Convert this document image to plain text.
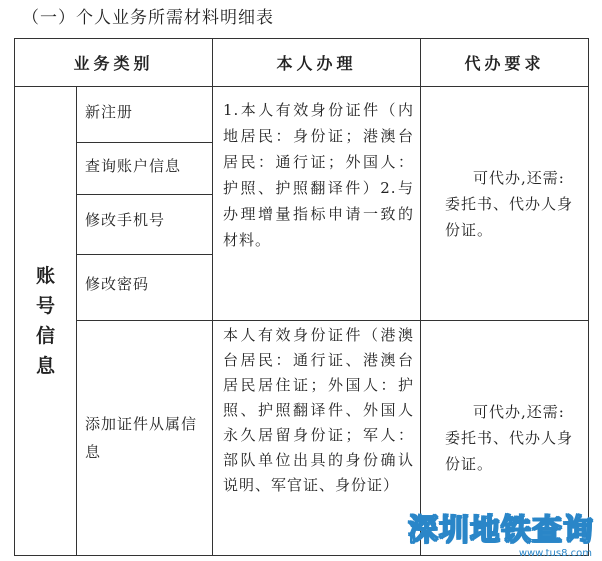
（一）个人业务所需材料明细表
业务类别		本人办理	代办要求
账号信息	新注册	1.本人有效身份证件（内地居民：身份证；港澳台居民：通行证；外国人：护照、护照翻译件）2.与办理增量指标申请一致的材料。	可代办,还需:
委托书、代办人身份证。
	查询账户信息		
	修改手机号		
	修改密码		
	添加证件从属信息	本人有效身份证件（港澳台居民：通行证、港澳台居民居住证；外国人：护照、护照翻译件、外国人永久居留身份证；军人：部队单位出具的身份确认说明、军官证、身份证）	可代办,还需:
委托书、代办人身份证。
深圳地铁查询
www.tus8.com
